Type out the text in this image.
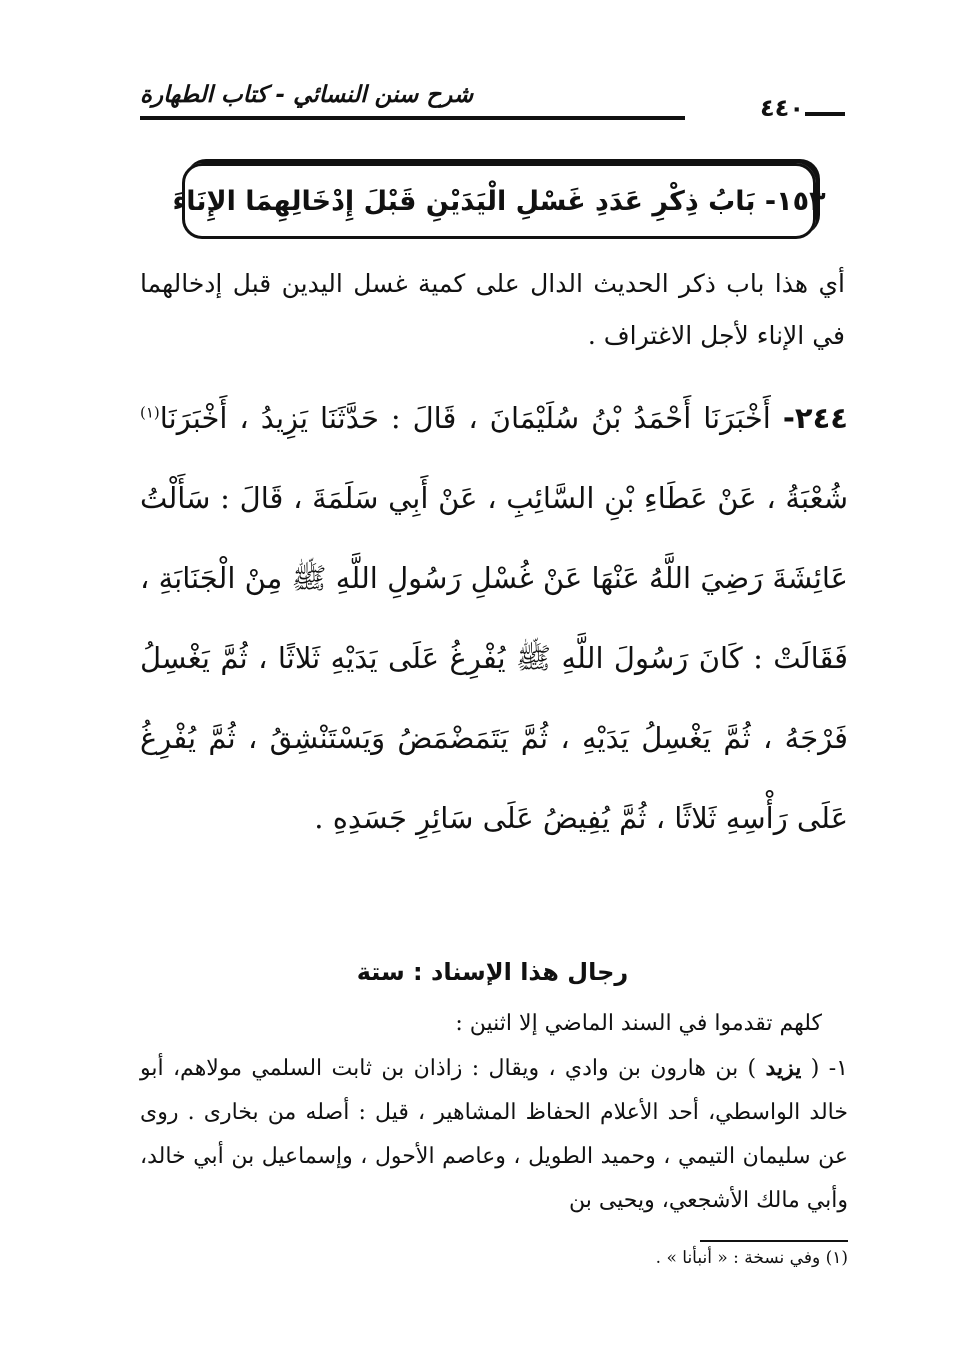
شرح سنن النسائي - كتاب الطهارة	٤٤٠
١٥٣- بَابُ ذِكْرِ عَدَدِ غَسْلِ الْيَدَيْنِ قَبْلَ إِدْخَالِهِمَا الإِنَاءَ
أي هذا باب ذكر الحديث الدال على كمية غسل اليدين قبل إدخالهما في الإناء لأجل الاغتراف .
٢٤٤- أَخْبَرَنَا أَحْمَدُ بْنُ سُلَيْمَانَ ، قَالَ : حَدَّثَنَا يَزِيدُ ، أَخْبَرَنَا$^{(١)}$ شُعْبَةُ ، عَنْ عَطَاءِ بْنِ السَّائِبِ ، عَنْ أَبِي سَلَمَةَ ، قَالَ : سَأَلْتُ عَائِشَةَ رَضِيَ اللَّهُ عَنْهَا عَنْ غُسْلِ رَسُولِ اللَّهِ ﷺ مِنْ الْجَنَابَةِ ، فَقَالَتْ : كَانَ رَسُولَ اللَّهِ ﷺ يُفْرِغُ عَلَى يَدَيْهِ ثَلاثًا ، ثُمَّ يَغْسِلُ فَرْجَهُ ، ثُمَّ يَغْسِلُ يَدَيْهِ ، ثُمَّ يَتَمَضْمَضُ وَيَسْتَنْشِقُ ، ثُمَّ يُفْرِغُ عَلَى رَأْسِهِ ثَلاثًا ، ثُمَّ يُفِيضُ عَلَى سَائِرِ جَسَدِهِ .
رجال هذا الإسناد : ستة

كلهم تقدموا في السند الماضي إلا اثنين :

١- ( يزيد ) بن هارون بن وادي ، ويقال : زاذان بن ثابت السلمي مولاهم، أبو خالد الواسطي، أحد الأعلام الحفاظ المشاهير ، قيل : أصله من بخارى . روى عن سليمان التيمي ، وحميد الطويل ، وعاصم الأحول ، وإسماعيل بن أبي خالد، وأبي مالك الأشجعي، ويحيى بن

(١) وفي نسخة : « أنبأنا » .
